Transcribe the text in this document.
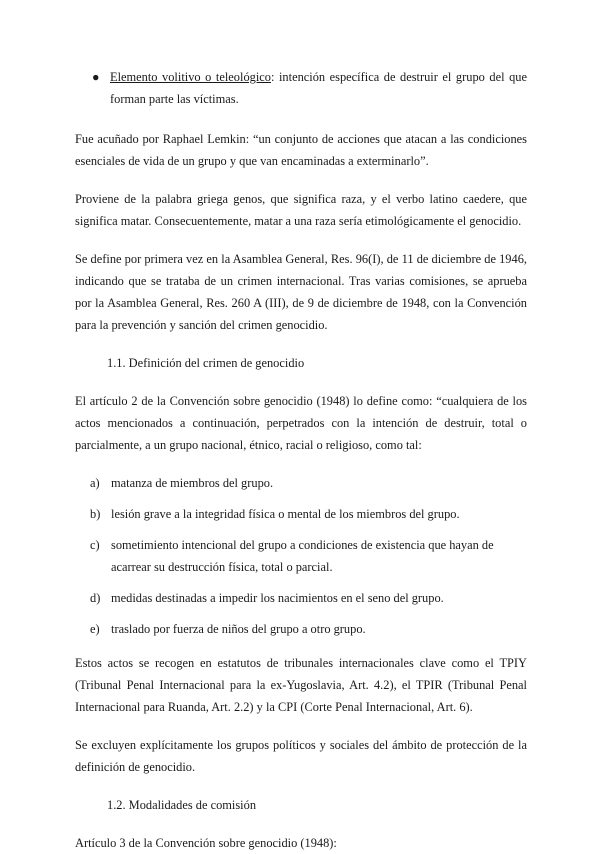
● Elemento volitivo o teleológico: intención específica de destruir el grupo del que forman parte las víctimas.

Fue acuñado por Raphael Lemkin: “un conjunto de acciones que atacan a las condiciones esenciales de vida de un grupo y que van encaminadas a exterminarlo”.

Proviene de la palabra griega genos, que significa raza, y el verbo latino caedere, que significa matar. Consecuentemente, matar a una raza sería etimológicamente el genocidio.

Se define por primera vez en la Asamblea General, Res. 96(I), de 11 de diciembre de 1946, indicando que se trataba de un crimen internacional. Tras varias comisiones, se aprueba por la Asamblea General, Res. 260 A (III), de 9 de diciembre de 1948, con la Convención para la prevención y sanción del crimen genocidio.

1.1. Definición del crimen de genocidio

El artículo 2 de la Convención sobre genocidio (1948) lo define como: “cualquiera de los actos mencionados a continuación, perpetrados con la intención de destruir, total o parcialmente, a un grupo nacional, étnico, racial o religioso, como tal:

a) matanza de miembros del grupo.
b) lesión grave a la integridad física o mental de los miembros del grupo.
c) sometimiento intencional del grupo a condiciones de existencia que hayan de acarrear su destrucción física, total o parcial.
d) medidas destinadas a impedir los nacimientos en el seno del grupo.
e) traslado por fuerza de niños del grupo a otro grupo.

Estos actos se recogen en estatutos de tribunales internacionales clave como el TPIY (Tribunal Penal Internacional para la ex-Yugoslavia, Art. 4.2), el TPIR (Tribunal Penal Internacional para Ruanda, Art. 2.2) y la CPI (Corte Penal Internacional, Art. 6).

Se excluyen explícitamente los grupos políticos y sociales del ámbito de protección de la definición de genocidio.

1.2. Modalidades de comisión

Artículo 3 de la Convención sobre genocidio (1948):
